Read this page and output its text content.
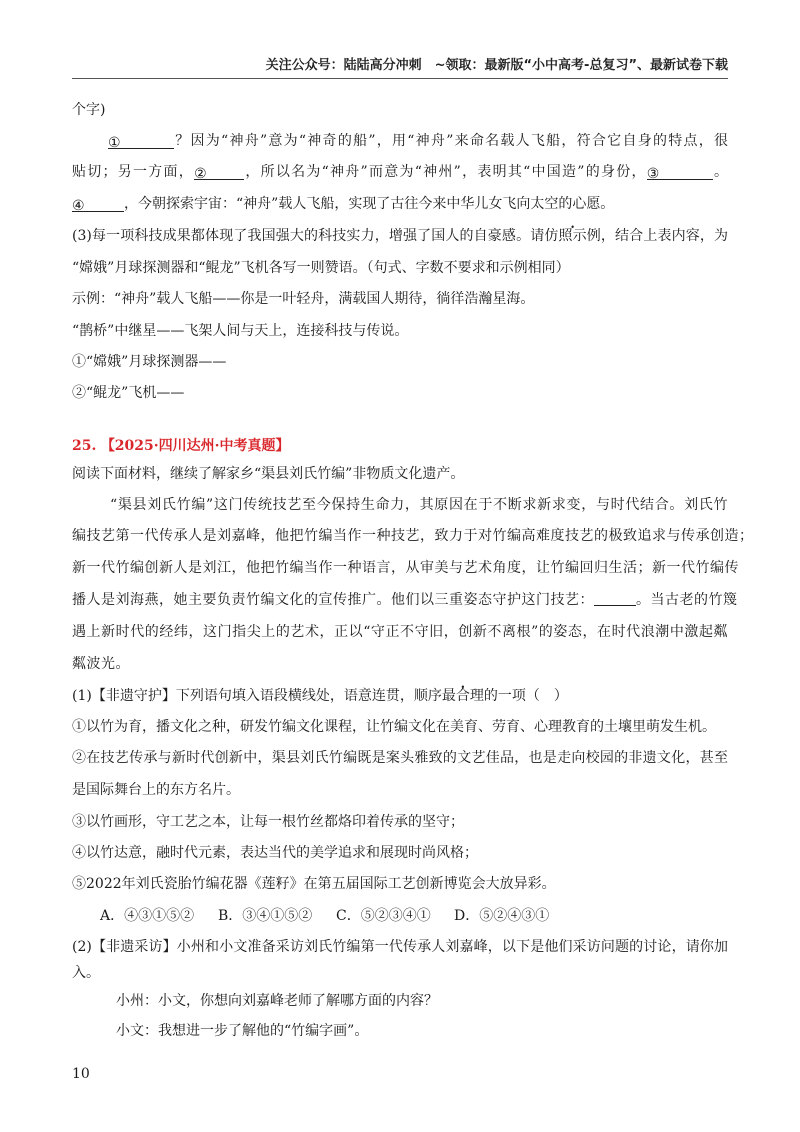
关注公众号：陆陆高分冲刺　~领取：最新版“小中高考-总复习”、最新试卷下载
个字)
①	？因为“神舟”意为“神奇的船”，用“神舟”来命名载人飞船，符合它自身的特点，很
贴切；另一方面，②	，所以名为“神舟”而意为“神州”，表明其“中国造”的身份，③	。
④	，今朝探索宇宙：“神舟”载人飞船，实现了古往今来中华儿女飞向太空的心愿。
(3)每一项科技成果都体现了我国强大的科技实力，增强了国人的自豪感。请仿照示例，结合上表内容，为
“嫦娥”月球探测器和“鲲龙”飞机各写一则赞语。（句式、字数不要求和示例相同）
示例：“神舟”载人飞船——你是一叶轻舟，满载国人期待，徜徉浩瀚星海。
“鹊桥”中继星——飞架人间与天上，连接科技与传说。
①“嫦娥”月球探测器——
②“鲲龙”飞机——
25. 【2025·四川达州·中考真题】
阅读下面材料，继续了解家乡“渠县刘氏竹编”非物质文化遗产。
“渠县刘氏竹编”这门传统技艺至今保持生命力，其原因在于不断求新求变，与时代结合。刘氏竹
编技艺第一代传承人是刘嘉峰，他把竹编当作一种技艺，致力于对竹编高难度技艺的极致追求与传承创造；
新一代竹编创新人是刘江，他把竹编当作一种语言，从审美与艺术角度，让竹编回归生活；新一代竹编传
播人是刘海燕，她主要负责竹编文化的宣传推广。他们以三重姿态守护这门技艺：	。当古老的竹篾
遇上新时代的经纬，这门指尖上的艺术，正以“守正不守旧，创新不离根”的姿态，在时代浪潮中激起粼
粼波光。
(1)【非遗守护】下列语句填入语段横线处，语意连贯，顺序最合理的一项（　）
①以竹为育，播文化之种，研发竹编文化课程，让竹编文化在美育、劳育、心理教育的土壤里萌发生机。
②在技艺传承与新时代创新中，渠县刘氏竹编既是案头雅致的文艺佳品，也是走向校园的非遗文化，甚至
是国际舞台上的东方名片。
③以竹画形，守工艺之本，让每一根竹丝都烙印着传承的坚守；
④以竹达意，融时代元素，表达当代的美学追求和展现时尚风格；
⑤2022年刘氏瓷胎竹编花器《莲籽》在第五届国际工艺创新博览会大放异彩。
A．④③①⑤② B．③④①⑤② C．⑤②③④① D．⑤②④③①
(2)【非遗采访】小州和小文准备采访刘氏竹编第一代传承人刘嘉峰，以下是他们采访问题的讨论，请你加
入。
小州：小文，你想向刘嘉峰老师了解哪方面的内容？
小文：我想进一步了解他的“竹编字画”。
10
